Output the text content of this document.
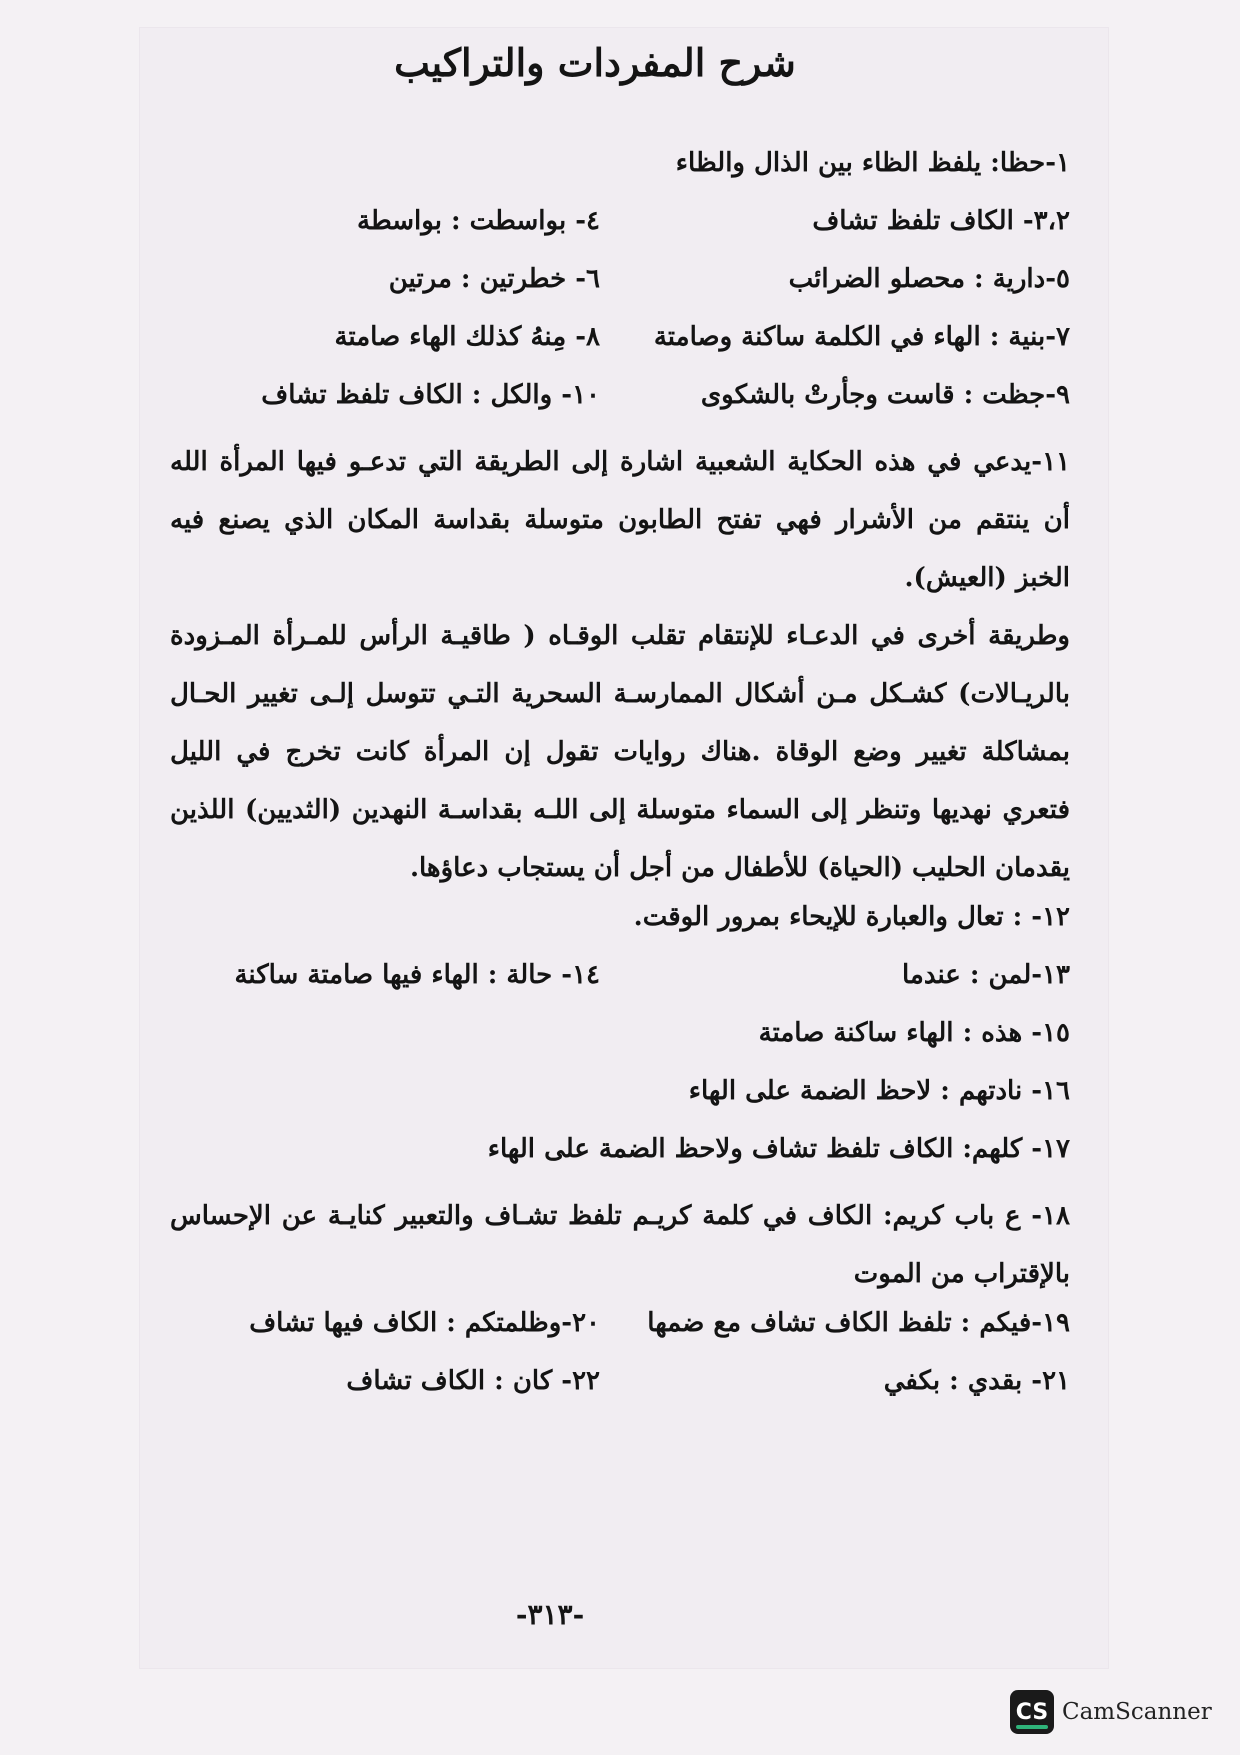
شرح المفردات والتراكيب
١-حظا: يلفظ الظاء بين الذال والظاء
٣،٢- الكاف تلفظ تشاف
٤- بواسطت : بواسطة
٥-دارية : محصلو الضرائب
٦- خطرتين : مرتين
٧-بنية : الهاء في الكلمة ساكنة وصامتة
٨- مِنهُ كذلك الهاء صامتة
٩-جظت : قاست وجأرتْ بالشكوى
١٠- والكل : الكاف تلفظ تشاف
١١-يدعي في هذه الحكاية الشعبية اشارة إلى الطريقة التي تدعـو فيها المرأة الله أن ينتقم من الأشرار فهي تفتح الطابون متوسلة بقداسة المكان الذي يصنع فيه الخبز (العيش).
وطريقة أخرى في الدعـاء للإنتقام تقلب الوقـاه ( طاقيـة الرأس للمـرأة المـزودة بالريـالات) كشـكل مـن أشكال الممارسـة السحرية التـي تتوسل إلـى تغيير الحـال بمشاكلة تغيير وضع الوقاة .هناك روايات تقول إن المرأة كانت تخرج في الليل فتعري نهديها وتنظر إلى السماء متوسلة إلى اللـه بقداسـة النهدين (الثديين) اللذين يقدمان الحليب (الحياة) للأطفال من أجل أن يستجاب دعاؤها.
١٢- : تعال والعبارة للإيحاء بمرور الوقت.
١٣-لمن : عندما
١٤- حالة : الهاء فيها صامتة ساكنة
١٥- هذه : الهاء ساكنة صامتة
١٦- نادتهم : لاحظ الضمة على الهاء
١٧- كلهم: الكاف تلفظ تشاف ولاحظ الضمة على الهاء
١٨- ع باب كريم: الكاف في كلمة كريـم تلفظ تشـاف والتعبير كنايـة عن الإحساس بالإقتراب من الموت
١٩-فيكم : تلفظ الكاف تشاف مع ضمها
٢٠-وظلمتكم : الكاف فيها تشاف
٢١- بقدي : بكفي
٢٢- كان : الكاف تشاف
-٣١٣-
CS CamScanner
